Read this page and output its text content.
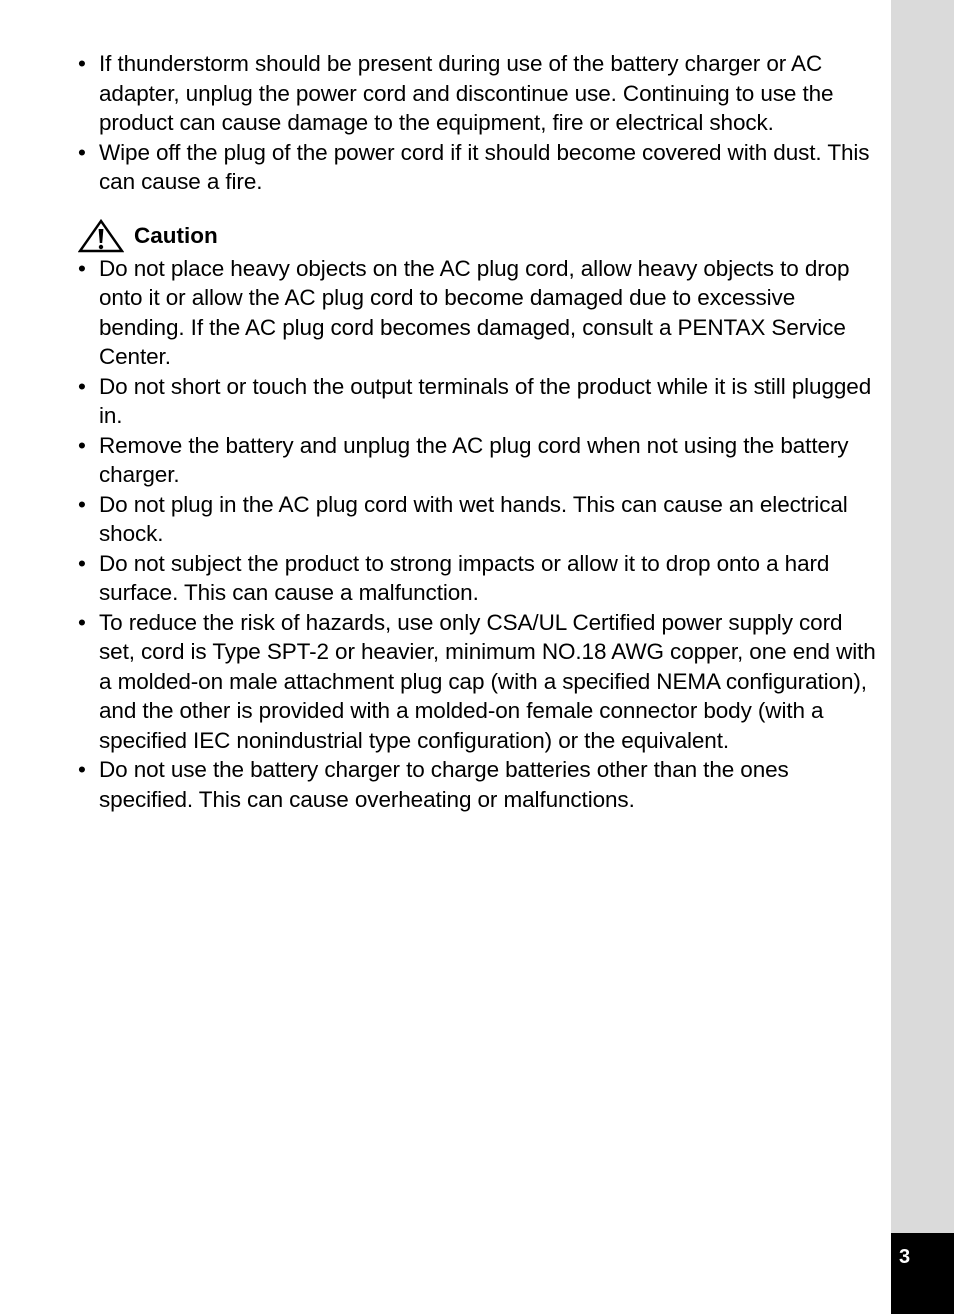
3
• If thunderstorm should be present during use of the battery charger or AC adapter, unplug the power cord and discontinue use. Continuing to use the product can cause damage to the equipment, fire or electrical shock.
• Wipe off the plug of the power cord if it should become covered with dust. This can cause a fire.
Caution
• Do not place heavy objects on the AC plug cord, allow heavy objects to drop onto it or allow the AC plug cord to become damaged due to excessive bending. If the AC plug cord becomes damaged, consult a PENTAX Service Center.
• Do not short or touch the output terminals of the product while it is still plugged in.
• Remove the battery and unplug the AC plug cord when not using the battery charger.
• Do not plug in the AC plug cord with wet hands. This can cause an electrical shock.
• Do not subject the product to strong impacts or allow it to drop onto a hard surface. This can cause a malfunction.
• To reduce the risk of hazards, use only CSA/UL Certified power supply cord set, cord is Type SPT-2 or heavier, minimum NO.18 AWG copper, one end with a molded-on male attachment plug cap (with a specified NEMA configuration), and the other is provided with a molded-on female connector body (with a specified IEC nonindustrial type configuration) or the equivalent.
• Do not use the battery charger to charge batteries other than the ones specified. This can cause overheating or malfunctions.
